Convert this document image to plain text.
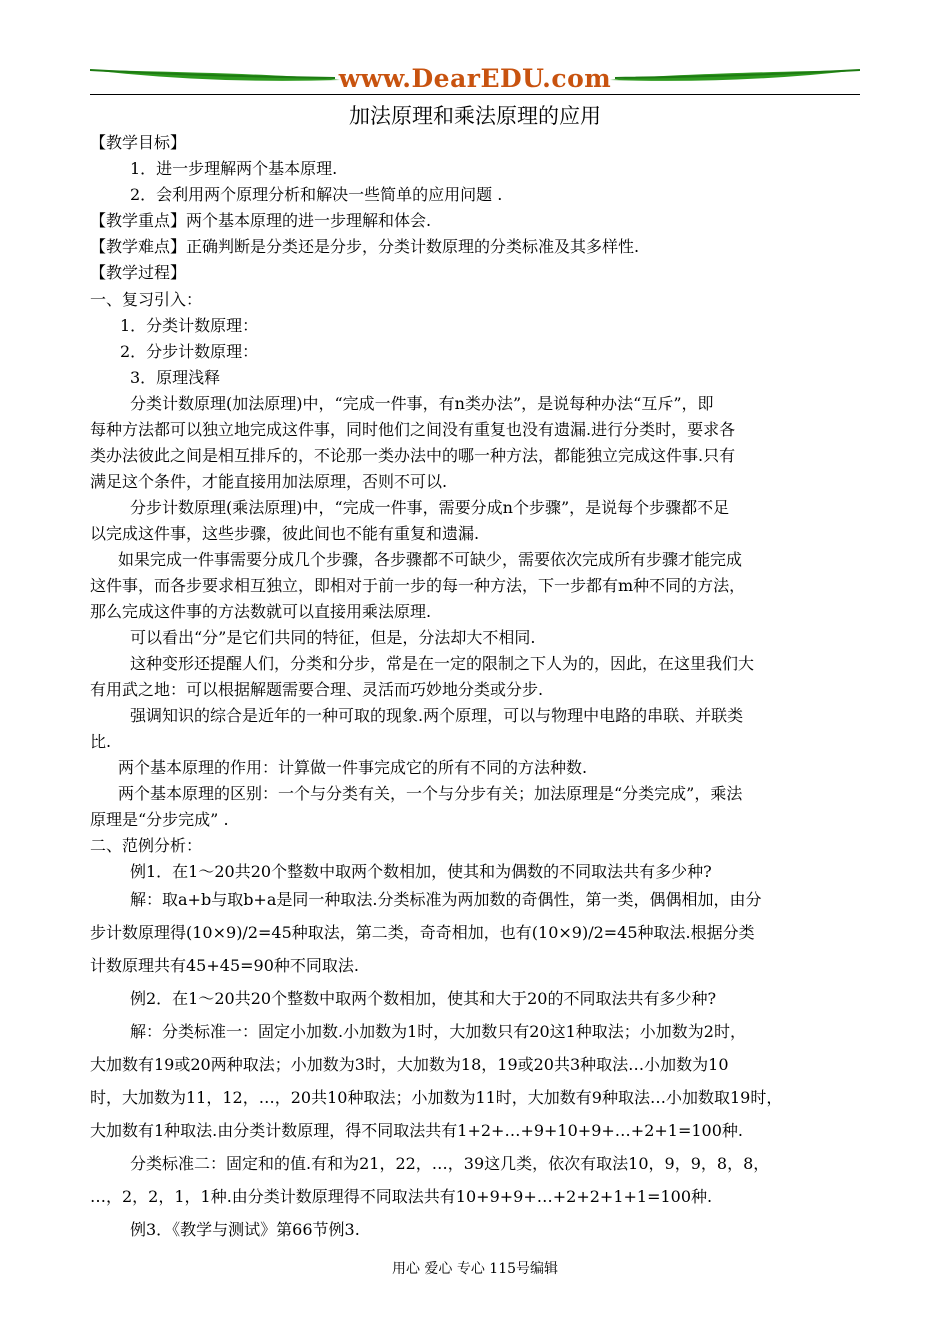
www.DearEDU.com
加法原理和乘法原理的应用
【教学目标】
1．进一步理解两个基本原理.
2．会利用两个原理分析和解决一些简单的应用问题 .
【教学重点】两个基本原理的进一步理解和体会.
【教学难点】正确判断是分类还是分步，分类计数原理的分类标准及其多样性.
【教学过程】
一、复习引入：
1．分类计数原理：
2．分步计数原理：
3．原理浅释
分类计数原理(加法原理)中，“完成一件事，有n类办法”，是说每种办法“互斥”，即
每种方法都可以独立地完成这件事，同时他们之间没有重复也没有遗漏.进行分类时，要求各
类办法彼此之间是相互排斥的，不论那一类办法中的哪一种方法，都能独立完成这件事.只有
满足这个条件，才能直接用加法原理，否则不可以.
分步计数原理(乘法原理)中，“完成一件事，需要分成n个步骤”，是说每个步骤都不足
以完成这件事，这些步骤，彼此间也不能有重复和遗漏.
如果完成一件事需要分成几个步骤，各步骤都不可缺少，需要依次完成所有步骤才能完成
这件事，而各步要求相互独立，即相对于前一步的每一种方法，下一步都有m种不同的方法，
那么完成这件事的方法数就可以直接用乘法原理.
可以看出“分”是它们共同的特征，但是，分法却大不相同.
这种变形还提醒人们，分类和分步，常是在一定的限制之下人为的，因此，在这里我们大
有用武之地：可以根据解题需要合理、灵活而巧妙地分类或分步.
强调知识的综合是近年的一种可取的现象.两个原理，可以与物理中电路的串联、并联类
比.
两个基本原理的作用：计算做一件事完成它的所有不同的方法种数.
两个基本原理的区别：一个与分类有关，一个与分步有关；加法原理是“分类完成”，乘法
原理是“分步完成” .
二、范例分析：
例1．在1～20共20个整数中取两个数相加，使其和为偶数的不同取法共有多少种?
解：取a+b与取b+a是同一种取法.分类标准为两加数的奇偶性，第一类，偶偶相加，由分
步计数原理得(10×9)/2=45种取法，第二类，奇奇相加，也有(10×9)/2=45种取法.根据分类
计数原理共有45+45=90种不同取法.
例2．在1～20共20个整数中取两个数相加，使其和大于20的不同取法共有多少种?
解：分类标准一：固定小加数.小加数为1时，大加数只有20这1种取法；小加数为2时，
大加数有19或20两种取法；小加数为3时，大加数为18，19或20共3种取法…小加数为10
时，大加数为11，12，…，20共10种取法；小加数为11时，大加数有9种取法…小加数取19时，
大加数有1种取法.由分类计数原理，得不同取法共有1+2+…+9+10+9+…+2+1=100种.
分类标准二：固定和的值.有和为21，22，…，39这几类，依次有取法10，9，9，8，8，
…，2，2，1，1种.由分类计数原理得不同取法共有10+9+9+…+2+2+1+1=100种.
例3．《教学与测试》第66节例3.
用心 爱心 专心 115号编辑
